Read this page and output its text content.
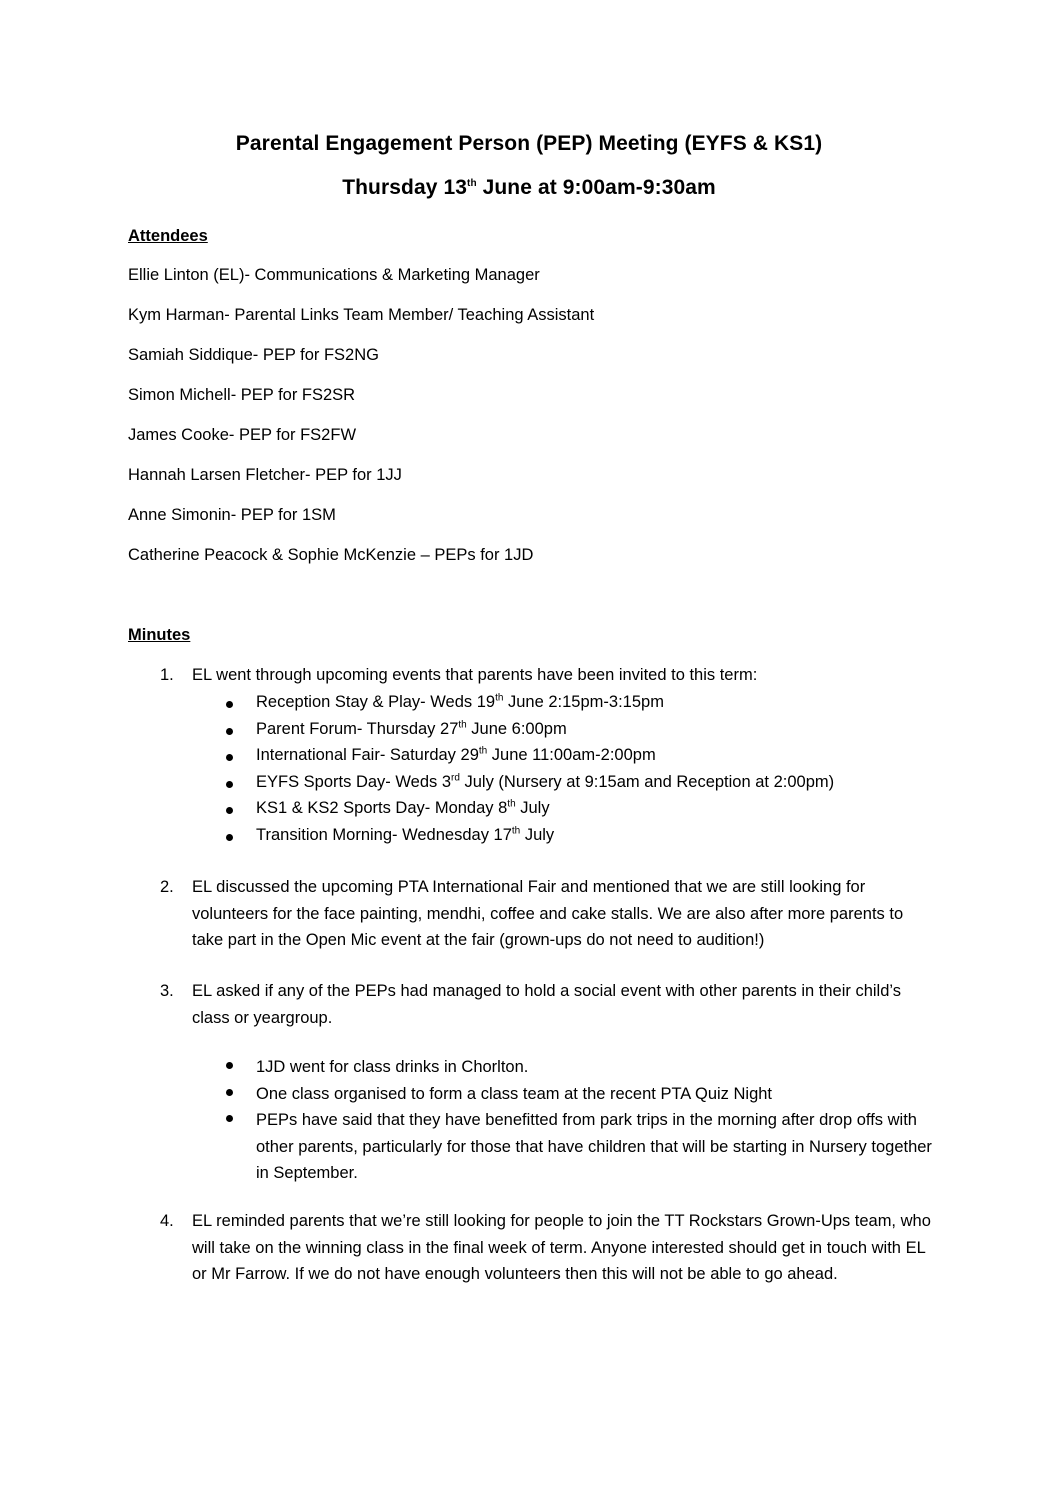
Parental Engagement Person (PEP) Meeting (EYFS & KS1)
Thursday 13th June at 9:00am-9:30am
Attendees
Ellie Linton (EL)- Communications & Marketing Manager
Kym Harman- Parental Links Team Member/ Teaching Assistant
Samiah Siddique- PEP for FS2NG
Simon Michell- PEP for FS2SR
James Cooke- PEP for FS2FW
Hannah Larsen Fletcher- PEP for 1JJ
Anne Simonin- PEP for 1SM
Catherine Peacock & Sophie McKenzie – PEPs for 1JD
Minutes
1. EL went through upcoming events that parents have been invited to this term:
Reception Stay & Play- Weds 19th June 2:15pm-3:15pm
Parent Forum- Thursday 27th June 6:00pm
International Fair- Saturday 29th June 11:00am-2:00pm
EYFS Sports Day- Weds 3rd July (Nursery at 9:15am and Reception at 2:00pm)
KS1 & KS2 Sports Day- Monday 8th July
Transition Morning- Wednesday 17th July
2. EL discussed the upcoming PTA International Fair and mentioned that we are still looking for volunteers for the face painting, mendhi, coffee and cake stalls. We are also after more parents to take part in the Open Mic event at the fair (grown-ups do not need to audition!)
3. EL asked if any of the PEPs had managed to hold a social event with other parents in their child’s class or yeargroup.
1JD went for class drinks in Chorlton.
One class organised to form a class team at the recent PTA Quiz Night
PEPs have said that they have benefitted from park trips in the morning after drop offs with other parents, particularly for those that have children that will be starting in Nursery together in September.
4. EL reminded parents that we’re still looking for people to join the TT Rockstars Grown-Ups team, who will take on the winning class in the final week of term. Anyone interested should get in touch with EL or Mr Farrow. If we do not have enough volunteers then this will not be able to go ahead.
